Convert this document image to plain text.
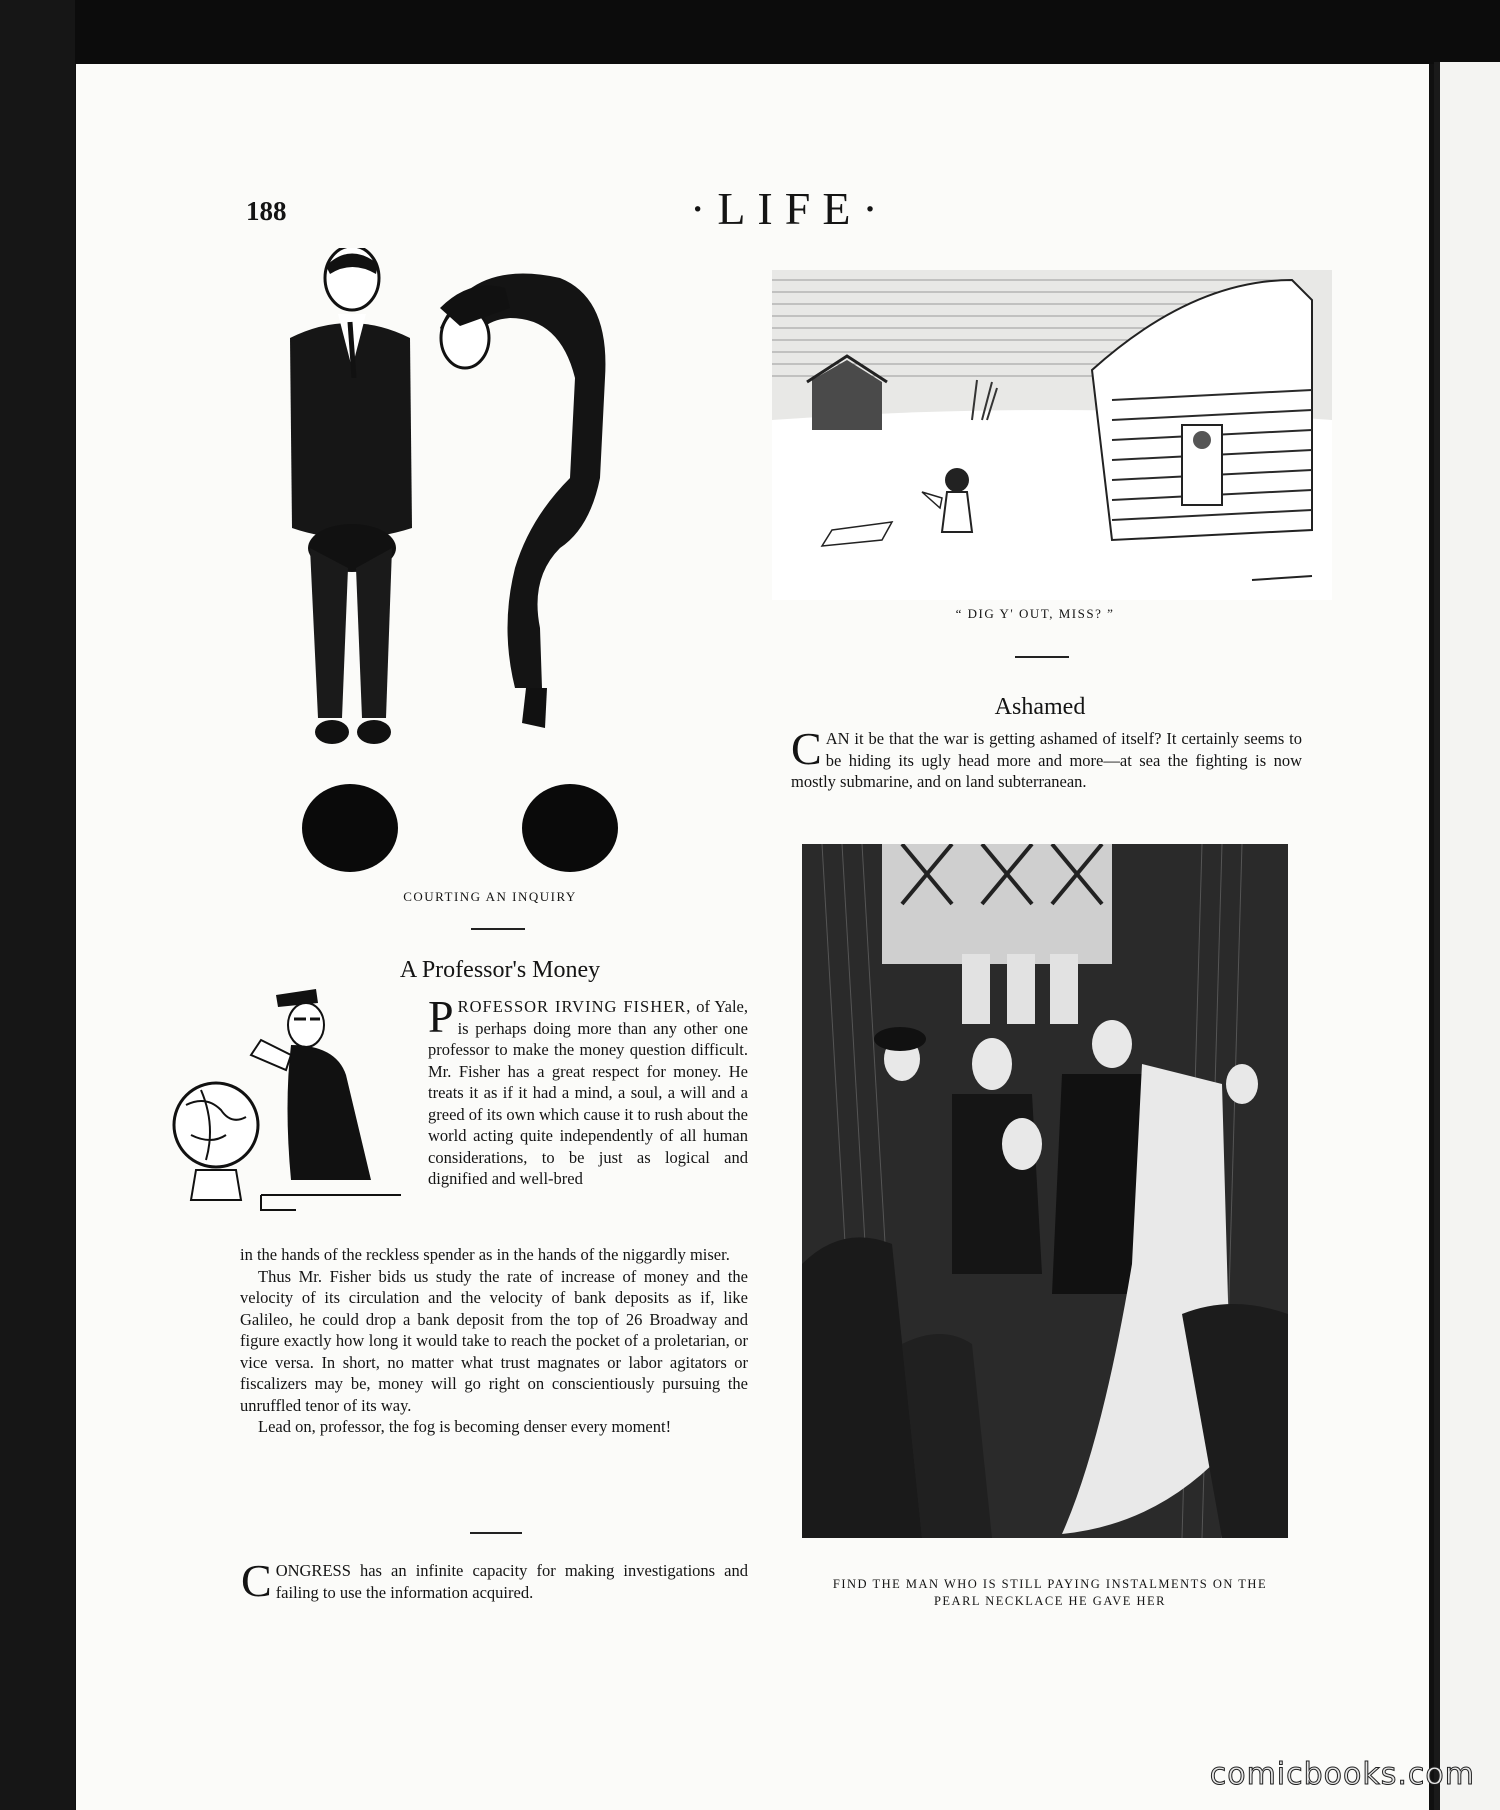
188	·LIFE·
COURTING AN INQUIRY
“ DIG Y' OUT, MISS? ”
Ashamed
CAN it be that the war is getting ashamed of itself? It certainly seems to be hiding its ugly head more and more—at sea the fighting is now mostly submarine, and on land subterranean.
FIND THE MAN WHO IS STILL PAYING INSTALMENTS ON THE
PEARL NECKLACE HE GAVE HER
A Professor's Money
PROFESSOR IRVING FISHER, of Yale, is perhaps doing more than any other one professor to make the money question difficult. Mr. Fisher has a great respect for money. He treats it as if it had a mind, a soul, a will and a greed of its own which cause it to rush about the world acting quite independently of all human considerations, to be just as logical and dignified and well-bred
in the hands of the reckless spender as in the hands of the niggardly miser.
Thus Mr. Fisher bids us study the rate of increase of money and the velocity of its circulation and the velocity of bank deposits as if, like Galileo, he could drop a bank deposit from the top of 26 Broadway and figure exactly how long it would take to reach the pocket of a proletarian, or vice versa. In short, no matter what trust magnates or labor agitators or fiscalizers may be, money will go right on conscientiously pursuing the unruffled tenor of its way.
Lead on, professor, the fog is becoming denser every moment!
CONGRESS has an infinite capacity for making investigations and failing to use the information acquired.
comicbooks.com
